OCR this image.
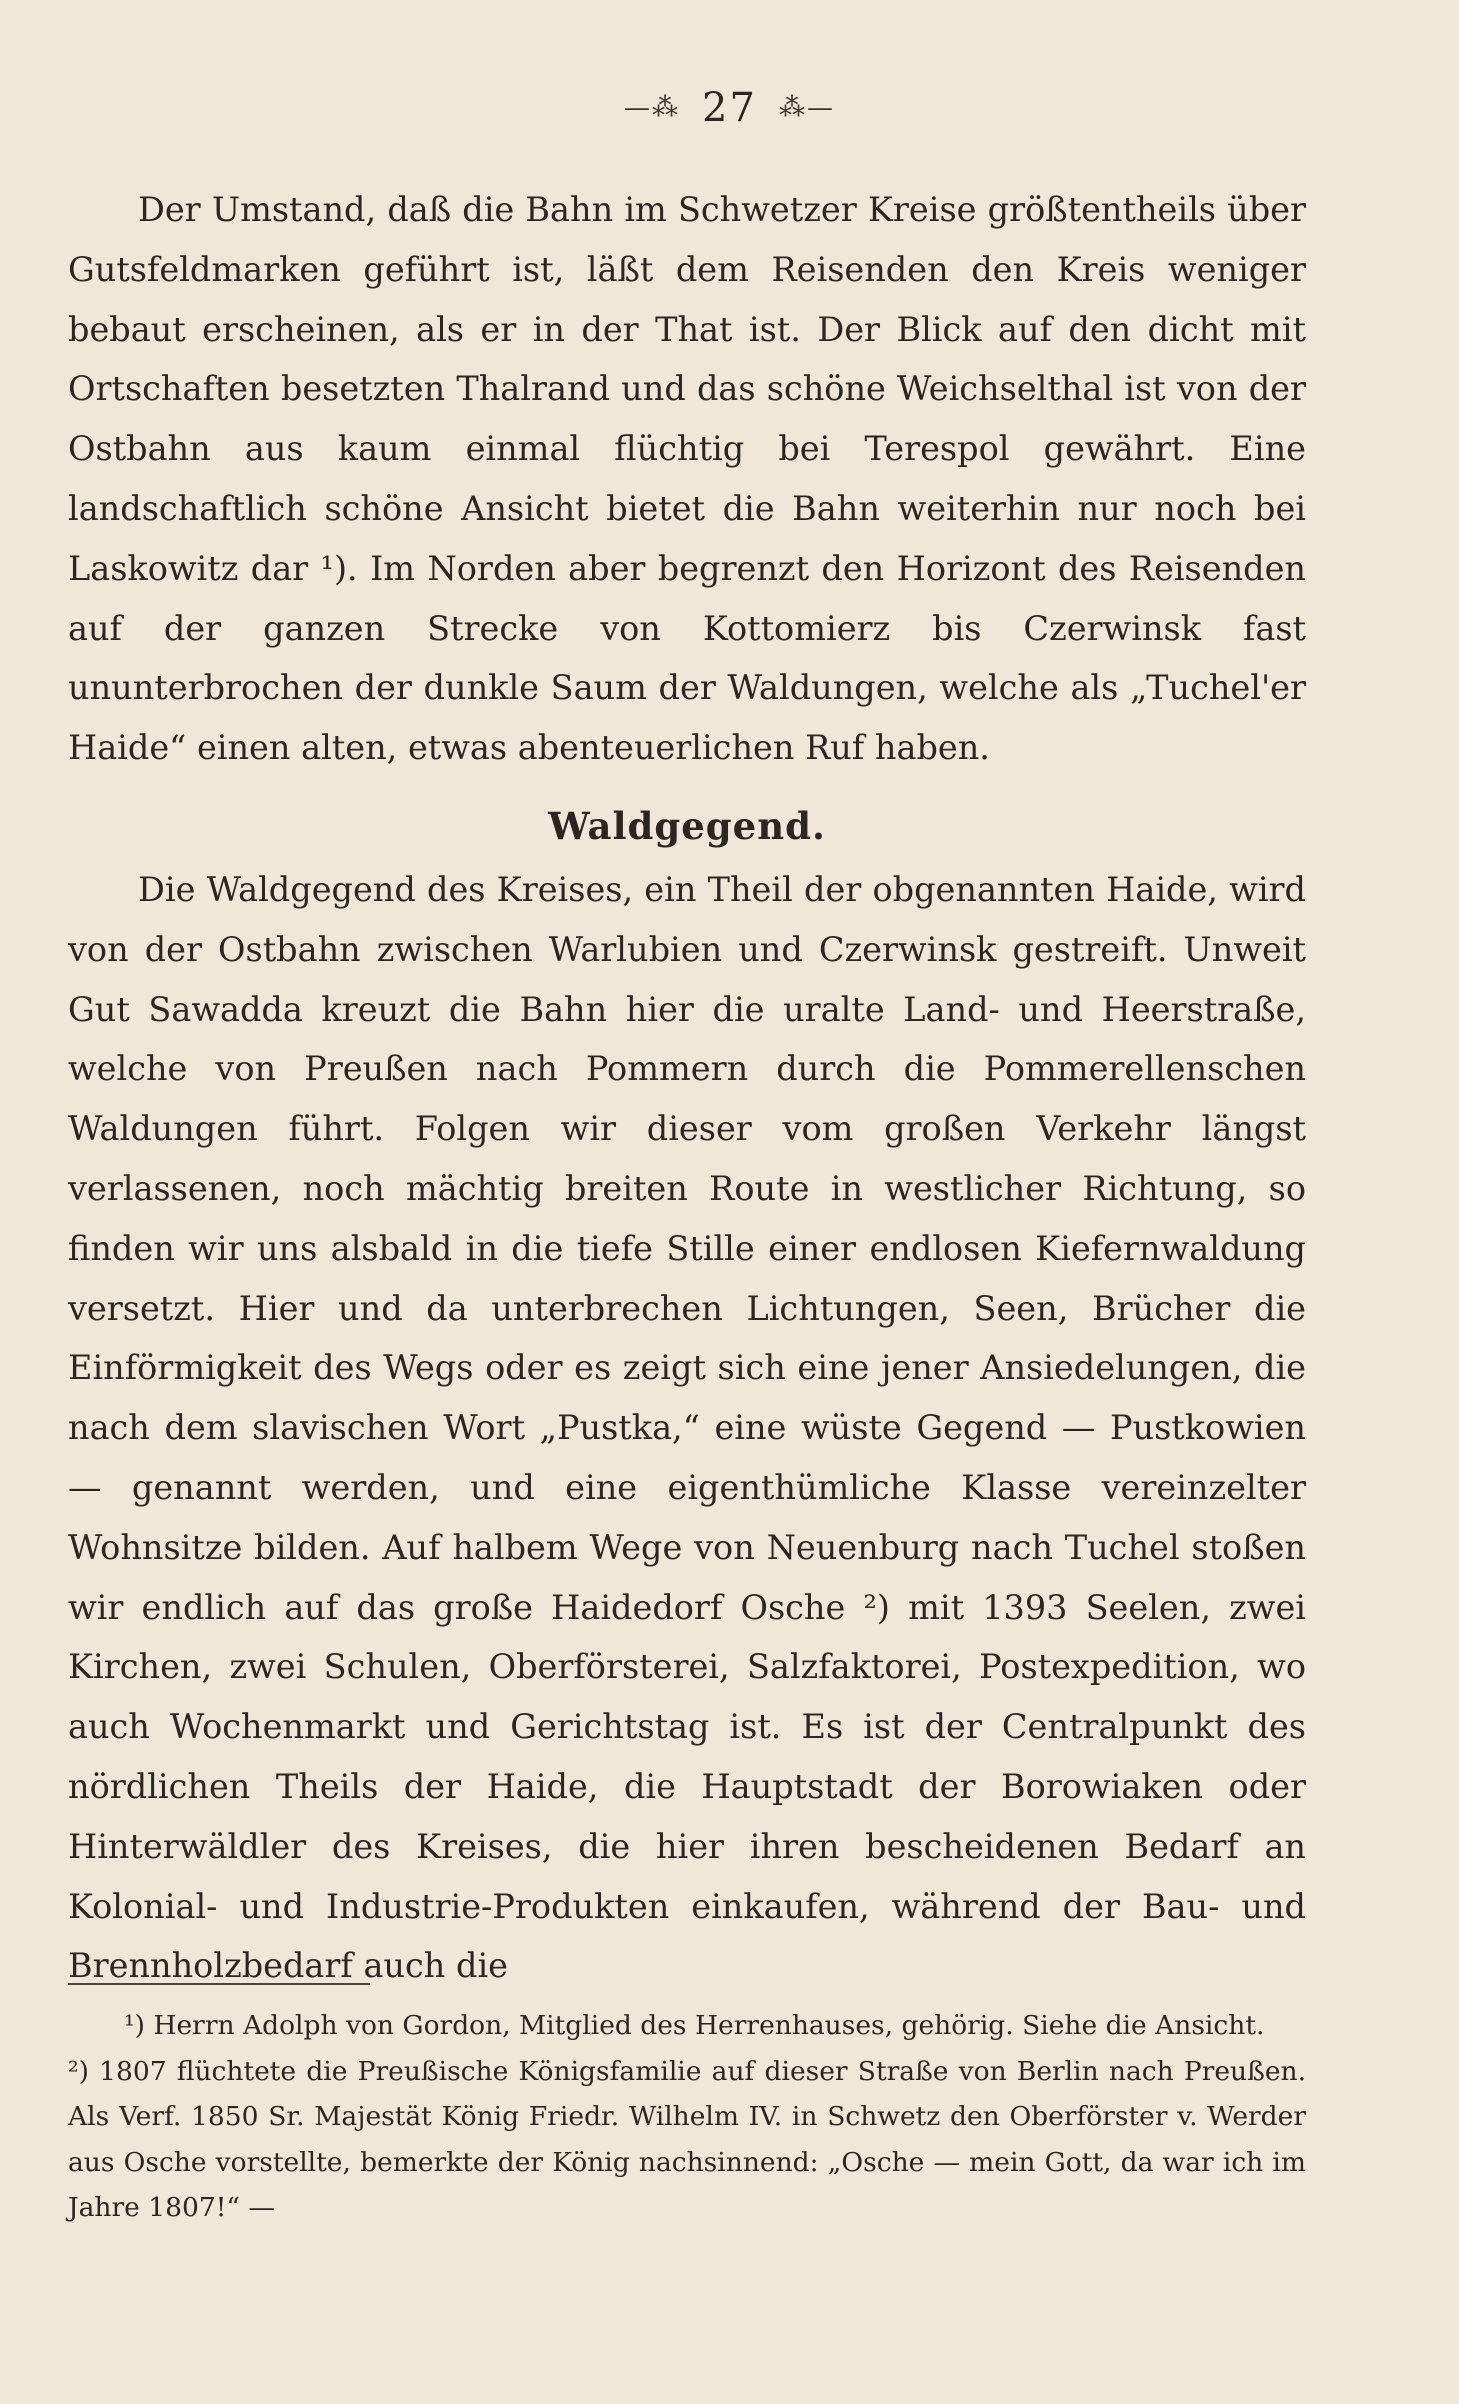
—⁂ 27 ⁂—

Der Umstand, daß die Bahn im Schwetzer Kreise größtentheils über Gutsfeldmarken geführt ist, läßt dem Reisenden den Kreis weniger bebaut erscheinen, als er in der That ist. Der Blick auf den dicht mit Ortschaften besetzten Thalrand und das schöne Weichselthal ist von der Ostbahn aus kaum einmal flüchtig bei Terespol gewährt. Eine landschaftlich schöne Ansicht bietet die Bahn weiterhin nur noch bei Laskowitz dar ¹). Im Norden aber begrenzt den Horizont des Reisenden auf der ganzen Strecke von Kottomierz bis Czerwinsk fast ununterbrochen der dunkle Saum der Waldungen, welche als „Tuchel'er Haide“ einen alten, etwas abenteuerlichen Ruf haben.

Waldgegend.

Die Waldgegend des Kreises, ein Theil der obgenannten Haide, wird von der Ostbahn zwischen Warlubien und Czerwinsk gestreift. Unweit Gut Sawadda kreuzt die Bahn hier die uralte Land- und Heerstraße, welche von Preußen nach Pommern durch die Pommerellenschen Waldungen führt. Folgen wir dieser vom großen Verkehr längst verlassenen, noch mächtig breiten Route in westlicher Richtung, so finden wir uns alsbald in die tiefe Stille einer endlosen Kiefernwaldung versetzt. Hier und da unterbrechen Lichtungen, Seen, Brücher die Einförmigkeit des Wegs oder es zeigt sich eine jener Ansiedelungen, die nach dem slavischen Wort „Pustka,“ eine wüste Gegend — Pustkowien — genannt werden, und eine eigenthümliche Klasse vereinzelter Wohnsitze bilden. Auf halbem Wege von Neuenburg nach Tuchel stoßen wir endlich auf das große Haidedorf Osche ²) mit 1393 Seelen, zwei Kirchen, zwei Schulen, Oberförsterei, Salzfaktorei, Postexpedition, wo auch Wochenmarkt und Gerichtstag ist. Es ist der Centralpunkt des nördlichen Theils der Haide, die Hauptstadt der Borowiaken oder Hinterwäldler des Kreises, die hier ihren bescheidenen Bedarf an Kolonial- und Industrie-Produkten einkaufen, während der Bau- und Brennholzbedarf auch die

¹) Herrn Adolph von Gordon, Mitglied des Herrenhauses, gehörig. Siehe die Ansicht.

²) 1807 flüchtete die Preußische Königsfamilie auf dieser Straße von Berlin nach Preußen. Als Verf. 1850 Sr. Majestät König Friedr. Wilhelm IV. in Schwetz den Oberförster v. Werder aus Osche vorstellte, bemerkte der König nachsinnend: „Osche — mein Gott, da war ich im Jahre 1807!“ —
